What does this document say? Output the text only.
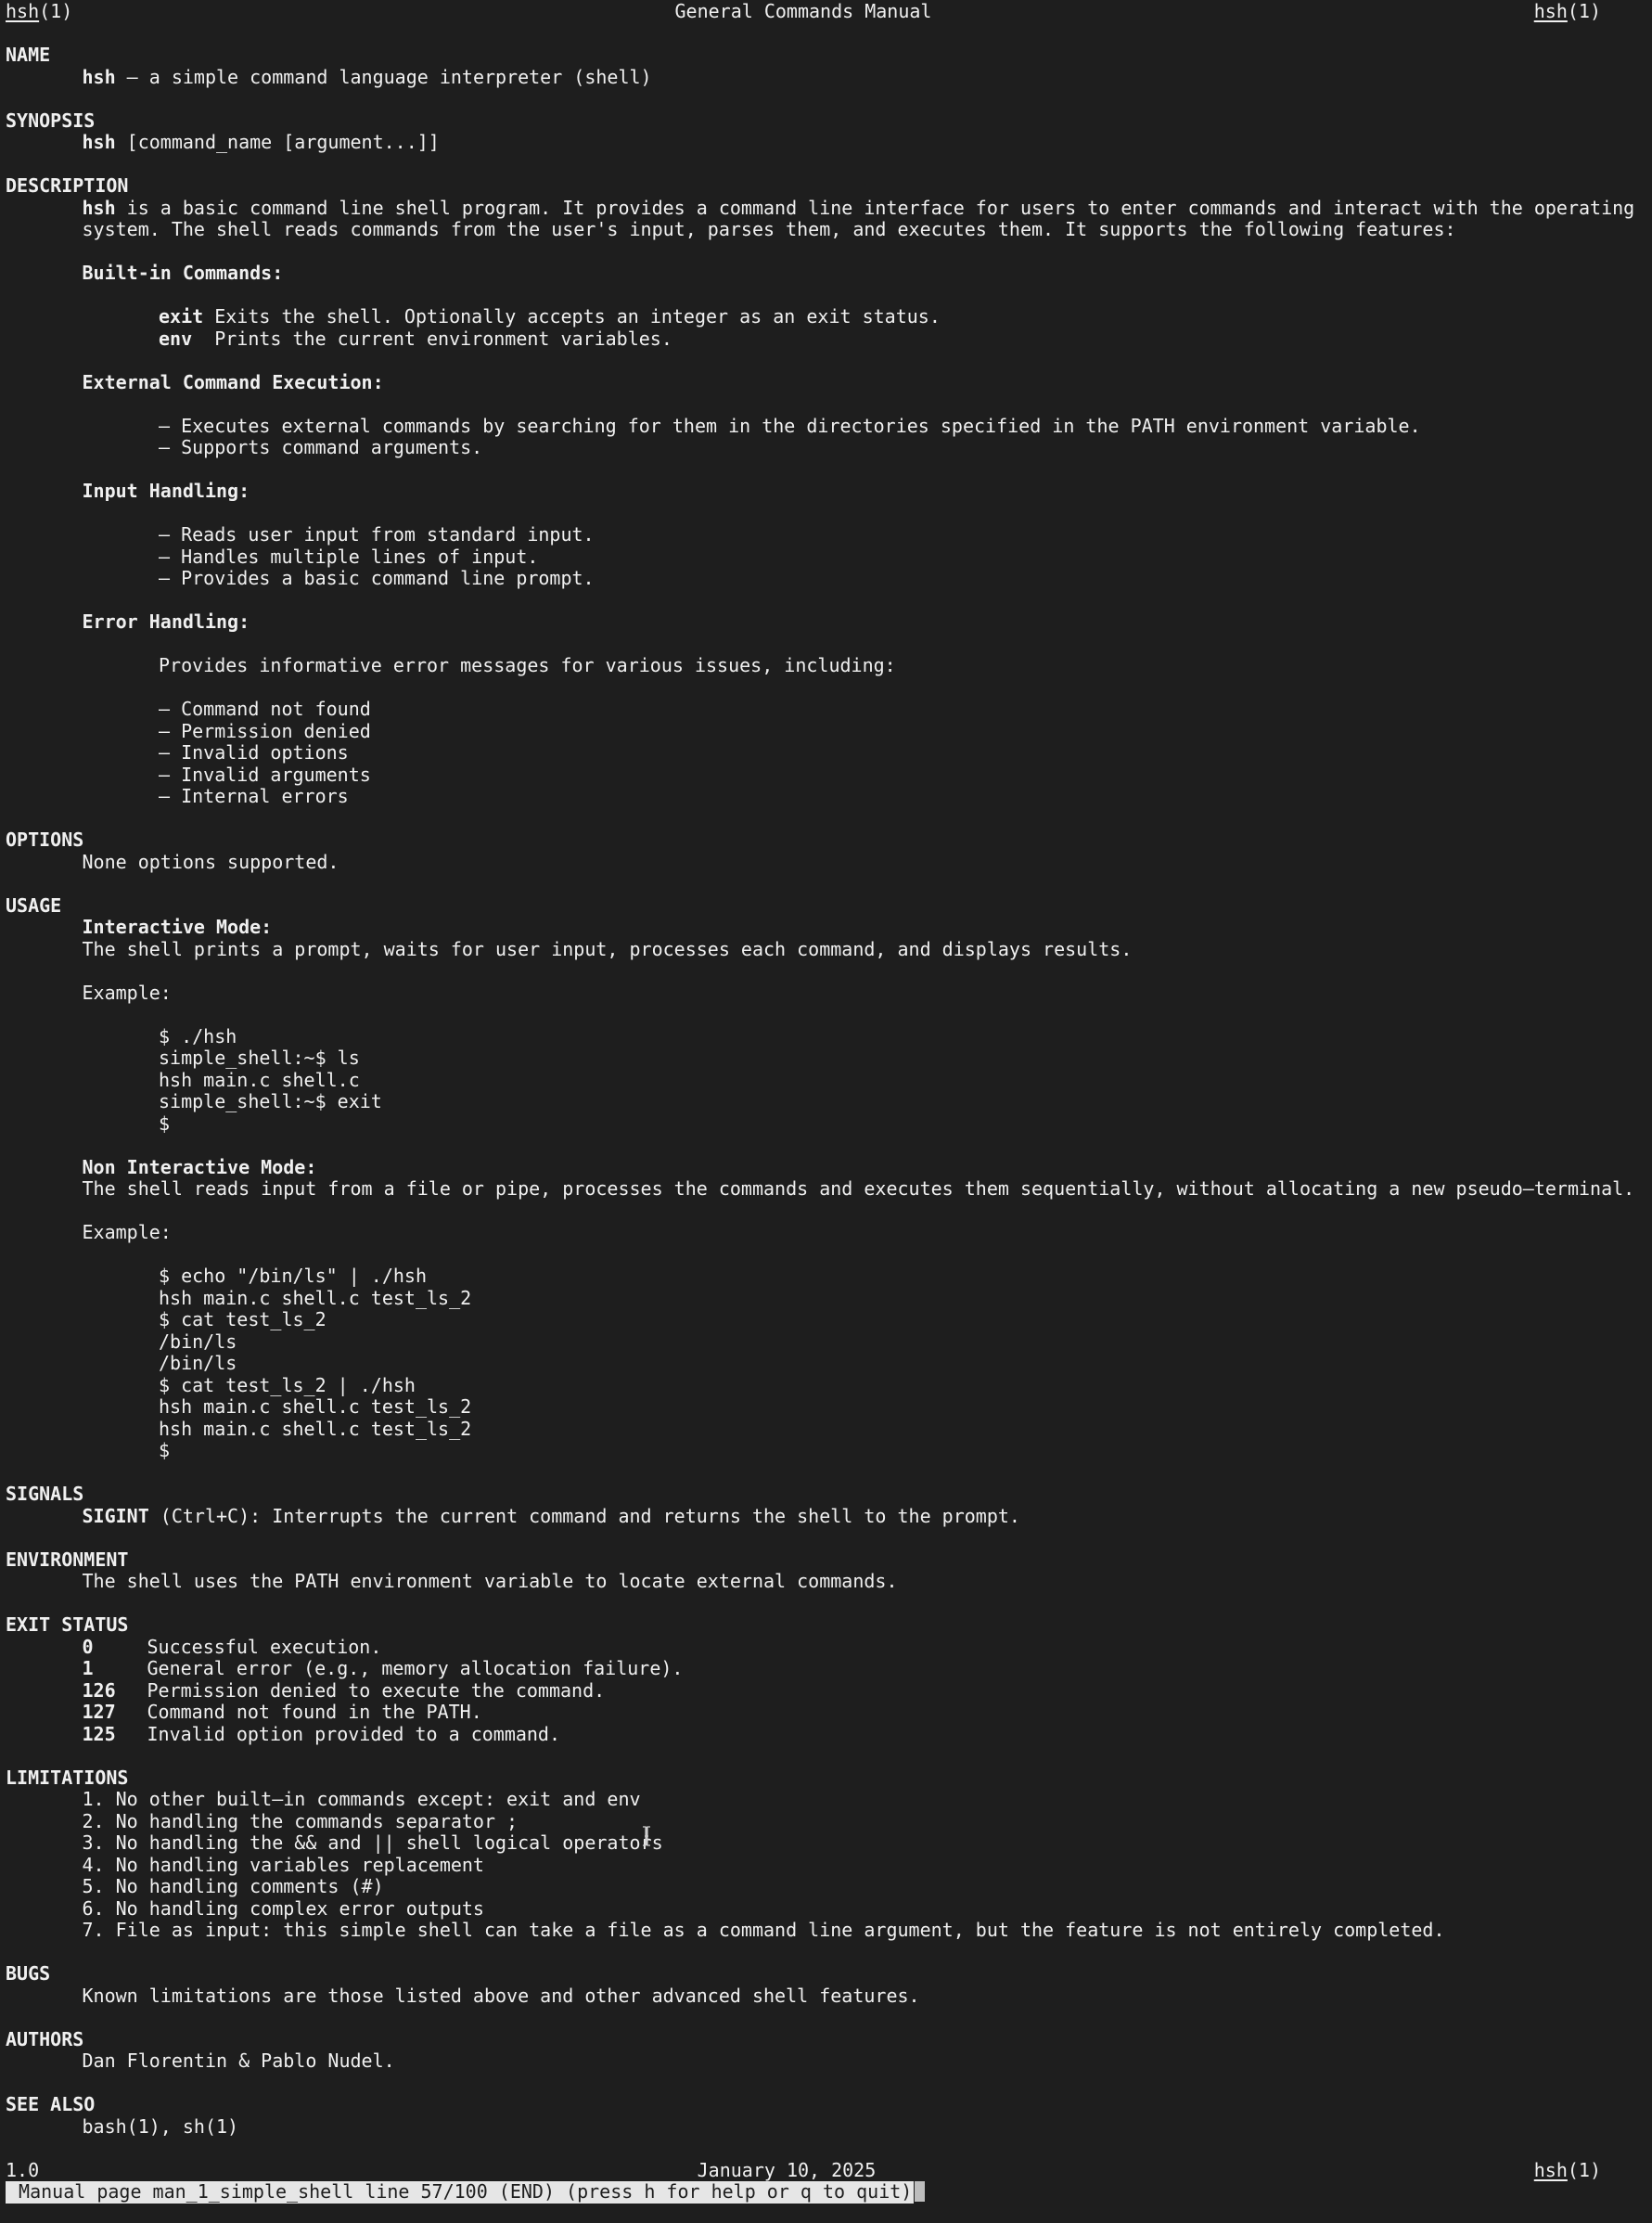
hsh(1)	General Commands Manual	hsh(1)
NAME
hsh – a simple command language interpreter (shell)
SYNOPSIS
hsh [command_name [argument...]]
DESCRIPTION
hsh is a basic command line shell program. It provides a command line interface for users to enter commands and interact with the operating
system. The shell reads commands from the user's input, parses them, and executes them. It supports the following features:
Built-in Commands:
exit Exits the shell. Optionally accepts an integer as an exit status.
env  Prints the current environment variables.
External Command Execution:
– Executes external commands by searching for them in the directories specified in the PATH environment variable.
– Supports command arguments.
Input Handling:
– Reads user input from standard input.
– Handles multiple lines of input.
– Provides a basic command line prompt.
Error Handling:
Provides informative error messages for various issues, including:
– Command not found
– Permission denied
– Invalid options
– Invalid arguments
– Internal errors
OPTIONS
None options supported.
USAGE
Interactive Mode:
The shell prints a prompt, waits for user input, processes each command, and displays results.
Example:
$ ./hsh
simple_shell:~$ ls
hsh main.c shell.c
simple_shell:~$ exit
$
Non Interactive Mode:
The shell reads input from a file or pipe, processes the commands and executes them sequentially, without allocating a new pseudo–terminal.
Example:
$ echo "/bin/ls" | ./hsh
hsh main.c shell.c test_ls_2
$ cat test_ls_2
/bin/ls
/bin/ls
$ cat test_ls_2 | ./hsh
hsh main.c shell.c test_ls_2
hsh main.c shell.c test_ls_2
$
SIGNALS
SIGINT (Ctrl+C): Interrupts the current command and returns the shell to the prompt.
ENVIRONMENT
The shell uses the PATH environment variable to locate external commands.
EXIT STATUS
0	Successful execution.
1	General error (e.g., memory allocation failure).
126 Permission denied to execute the command.
127 Command not found in the PATH.
125 Invalid option provided to a command.
LIMITATIONS
1. No other built–in commands except: exit and env
2. No handling the commands separator ;
3. No handling the && and || shell logical operators
4. No handling variables replacement
5. No handling comments (#)
6. No handling complex error outputs
7. File as input: this simple shell can take a file as a command line argument, but the feature is not entirely completed.
BUGS
Known limitations are those listed above and other advanced shell features.
AUTHORS
Dan Florentin & Pablo Nudel.
SEE ALSO
bash(1), sh(1)
1.0	January 10, 2025	hsh(1)
Manual page man_1_simple_shell line 57/100 (END) (press h for help or q to quit)
